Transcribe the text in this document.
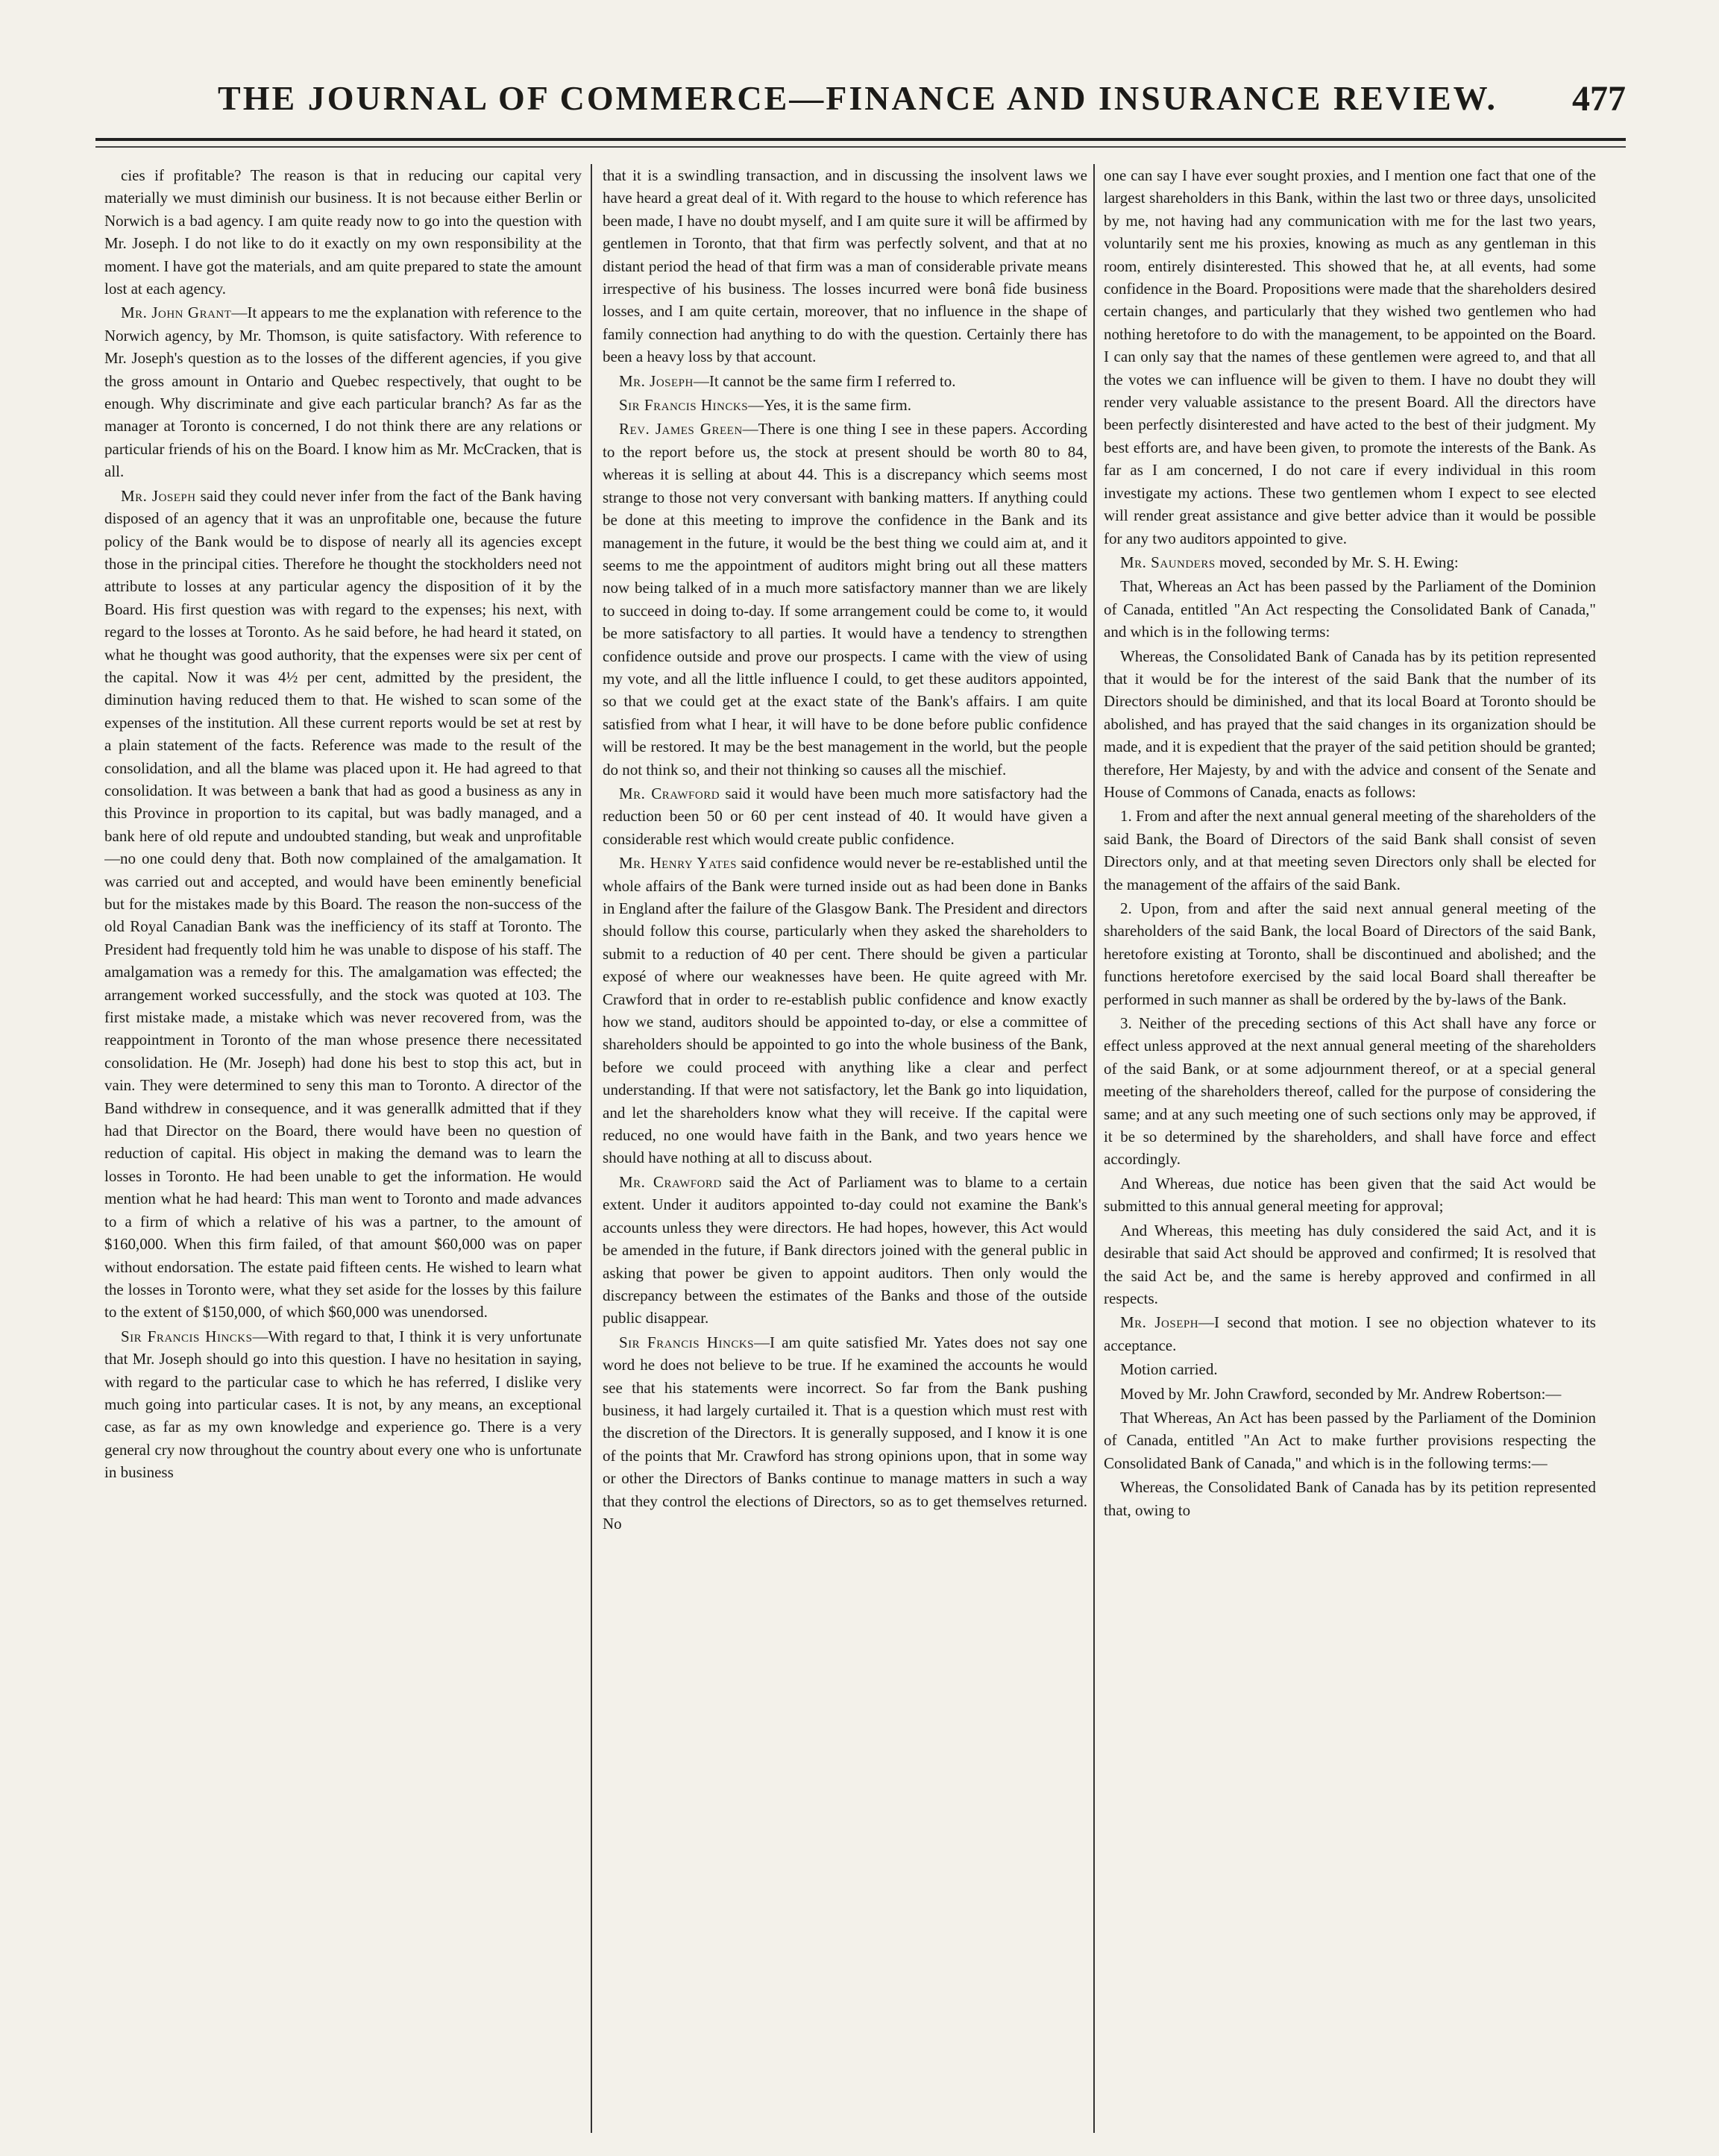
THE JOURNAL OF COMMERCE—FINANCE AND INSURANCE REVIEW.	477

cies if profitable? The reason is that in reducing our capital very materially we must diminish our business. It is not because either Berlin or Norwich is a bad agency. I am quite ready now to go into the question with Mr. Joseph. I do not like to do it exactly on my own responsibility at the moment. I have got the materials, and am quite prepared to state the amount lost at each agency.

Mr. John Grant—It appears to me the explanation with reference to the Norwich agency, by Mr. Thomson, is quite satisfactory. With reference to Mr. Joseph's question as to the losses of the different agencies, if you give the gross amount in Ontario and Quebec respectively, that ought to be enough. Why discriminate and give each particular branch? As far as the manager at Toronto is concerned, I do not think there are any relations or particular friends of his on the Board. I know him as Mr. McCracken, that is all.

Mr. Joseph said they could never infer from the fact of the Bank having disposed of an agency that it was an unprofitable one, because the future policy of the Bank would be to dispose of nearly all its agencies except those in the principal cities. Therefore he thought the stockholders need not attribute to losses at any particular agency the disposition of it by the Board. His first question was with regard to the expenses; his next, with regard to the losses at Toronto. As he said before, he had heard it stated, on what he thought was good authority, that the expenses were six per cent of the capital. Now it was 4½ per cent, admitted by the president, the diminution having reduced them to that. He wished to scan some of the expenses of the institution. All these current reports would be set at rest by a plain statement of the facts. Reference was made to the result of the consolidation, and all the blame was placed upon it. He had agreed to that consolidation. It was between a bank that had as good a business as any in this Province in proportion to its capital, but was badly managed, and a bank here of old repute and undoubted standing, but weak and unprofitable—no one could deny that. Both now complained of the amalgamation. It was carried out and accepted, and would have been eminently beneficial but for the mistakes made by this Board. The reason the non-success of the old Royal Canadian Bank was the inefficiency of its staff at Toronto. The President had frequently told him he was unable to dispose of his staff. The amalgamation was a remedy for this. The amalgamation was effected; the arrangement worked successfully, and the stock was quoted at 103. The first mistake made, a mistake which was never recovered from, was the reappointment in Toronto of the man whose presence there necessitated consolidation. He (Mr. Joseph) had done his best to stop this act, but in vain. They were determined to seny this man to Toronto. A director of the Band withdrew in consequence, and it was generallk admitted that if they had that Director on the Board, there would have been no question of reduction of capital. His object in making the demand was to learn the losses in Toronto. He had been unable to get the information. He would mention what he had heard: This man went to Toronto and made advances to a firm of which a relative of his was a partner, to the amount of $160,000. When this firm failed, of that amount $60,000 was on paper without endorsation. The estate paid fifteen cents. He wished to learn what the losses in Toronto were, what they set aside for the losses by this failure to the extent of $150,000, of which $60,000 was unendorsed.

Sir Francis Hincks—With regard to that, I think it is very unfortunate that Mr. Joseph should go into this question. I have no hesitation in saying, with regard to the particular case to which he has referred, I dislike very much going into particular cases. It is not, by any means, an exceptional case, as far as my own knowledge and experience go. There is a very general cry now throughout the country about every one who is unfortunate in business

that it is a swindling transaction, and in discussing the insolvent laws we have heard a great deal of it. With regard to the house to which reference has been made, I have no doubt myself, and I am quite sure it will be affirmed by gentlemen in Toronto, that that firm was perfectly solvent, and that at no distant period the head of that firm was a man of considerable private means irrespective of his business. The losses incurred were bonâ fide business losses, and I am quite certain, moreover, that no influence in the shape of family connection had anything to do with the question. Certainly there has been a heavy loss by that account.

Mr. Joseph—It cannot be the same firm I referred to.

Sir Francis Hincks—Yes, it is the same firm.

Rev. James Green—There is one thing I see in these papers. According to the report before us, the stock at present should be worth 80 to 84, whereas it is selling at about 44. This is a discrepancy which seems most strange to those not very conversant with banking matters. If anything could be done at this meeting to improve the confidence in the Bank and its management in the future, it would be the best thing we could aim at, and it seems to me the appointment of auditors might bring out all these matters now being talked of in a much more satisfactory manner than we are likely to succeed in doing to-day. If some arrangement could be come to, it would be more satisfactory to all parties. It would have a tendency to strengthen confidence outside and prove our prospects. I came with the view of using my vote, and all the little influence I could, to get these auditors appointed, so that we could get at the exact state of the Bank's affairs. I am quite satisfied from what I hear, it will have to be done before public confidence will be restored. It may be the best management in the world, but the people do not think so, and their not thinking so causes all the mischief.

Mr. Crawford said it would have been much more satisfactory had the reduction been 50 or 60 per cent instead of 40. It would have given a considerable rest which would create public confidence.

Mr. Henry Yates said confidence would never be re-established until the whole affairs of the Bank were turned inside out as had been done in Banks in England after the failure of the Glasgow Bank. The President and directors should follow this course, particularly when they asked the shareholders to submit to a reduction of 40 per cent. There should be given a particular exposé of where our weaknesses have been. He quite agreed with Mr. Crawford that in order to re-establish public confidence and know exactly how we stand, auditors should be appointed to-day, or else a committee of shareholders should be appointed to go into the whole business of the Bank, before we could proceed with anything like a clear and perfect understanding. If that were not satisfactory, let the Bank go into liquidation, and let the shareholders know what they will receive. If the capital were reduced, no one would have faith in the Bank, and two years hence we should have nothing at all to discuss about.

Mr. Crawford said the Act of Parliament was to blame to a certain extent. Under it auditors appointed to-day could not examine the Bank's accounts unless they were directors. He had hopes, however, this Act would be amended in the future, if Bank directors joined with the general public in asking that power be given to appoint auditors. Then only would the discrepancy between the estimates of the Banks and those of the outside public disappear.

Sir Francis Hincks—I am quite satisfied Mr. Yates does not say one word he does not believe to be true. If he examined the accounts he would see that his statements were incorrect. So far from the Bank pushing business, it had largely curtailed it. That is a question which must rest with the discretion of the Directors. It is generally supposed, and I know it is one of the points that Mr. Crawford has strong opinions upon, that in some way or other the Directors of Banks continue to manage matters in such a way that they control the elections of Directors, so as to get themselves returned. No

one can say I have ever sought proxies, and I mention one fact that one of the largest shareholders in this Bank, within the last two or three days, unsolicited by me, not having had any communication with me for the last two years, voluntarily sent me his proxies, knowing as much as any gentleman in this room, entirely disinterested. This showed that he, at all events, had some confidence in the Board. Propositions were made that the shareholders desired certain changes, and particularly that they wished two gentlemen who had nothing heretofore to do with the management, to be appointed on the Board. I can only say that the names of these gentlemen were agreed to, and that all the votes we can influence will be given to them. I have no doubt they will render very valuable assistance to the present Board. All the directors have been perfectly disinterested and have acted to the best of their judgment. My best efforts are, and have been given, to promote the interests of the Bank. As far as I am concerned, I do not care if every individual in this room investigate my actions. These two gentlemen whom I expect to see elected will render great assistance and give better advice than it would be possible for any two auditors appointed to give.

Mr. Saunders moved, seconded by Mr. S. H. Ewing:

That, Whereas an Act has been passed by the Parliament of the Dominion of Canada, entitled "An Act respecting the Consolidated Bank of Canada," and which is in the following terms:

Whereas, the Consolidated Bank of Canada has by its petition represented that it would be for the interest of the said Bank that the number of its Directors should be diminished, and that its local Board at Toronto should be abolished, and has prayed that the said changes in its organization should be made, and it is expedient that the prayer of the said petition should be granted; therefore, Her Majesty, by and with the advice and consent of the Senate and House of Commons of Canada, enacts as follows:

1. From and after the next annual general meeting of the shareholders of the said Bank, the Board of Directors of the said Bank shall consist of seven Directors only, and at that meeting seven Directors only shall be elected for the management of the affairs of the said Bank.

2. Upon, from and after the said next annual general meeting of the shareholders of the said Bank, the local Board of Directors of the said Bank, heretofore existing at Toronto, shall be discontinued and abolished; and the functions heretofore exercised by the said local Board shall thereafter be performed in such manner as shall be ordered by the by-laws of the Bank.

3. Neither of the preceding sections of this Act shall have any force or effect unless approved at the next annual general meeting of the shareholders of the said Bank, or at some adjournment thereof, or at a special general meeting of the shareholders thereof, called for the purpose of considering the same; and at any such meeting one of such sections only may be approved, if it be so determined by the shareholders, and shall have force and effect accordingly.

And Whereas, due notice has been given that the said Act would be submitted to this annual general meeting for approval;

And Whereas, this meeting has duly considered the said Act, and it is desirable that said Act should be approved and confirmed; It is resolved that the said Act be, and the same is hereby approved and confirmed in all respects.

Mr. Joseph—I second that motion. I see no objection whatever to its acceptance.

Motion carried.

Moved by Mr. John Crawford, seconded by Mr. Andrew Robertson:—

That Whereas, An Act has been passed by the Parliament of the Dominion of Canada, entitled "An Act to make further provisions respecting the Consolidated Bank of Canada," and which is in the following terms:—

Whereas, the Consolidated Bank of Canada has by its petition represented that, owing to
